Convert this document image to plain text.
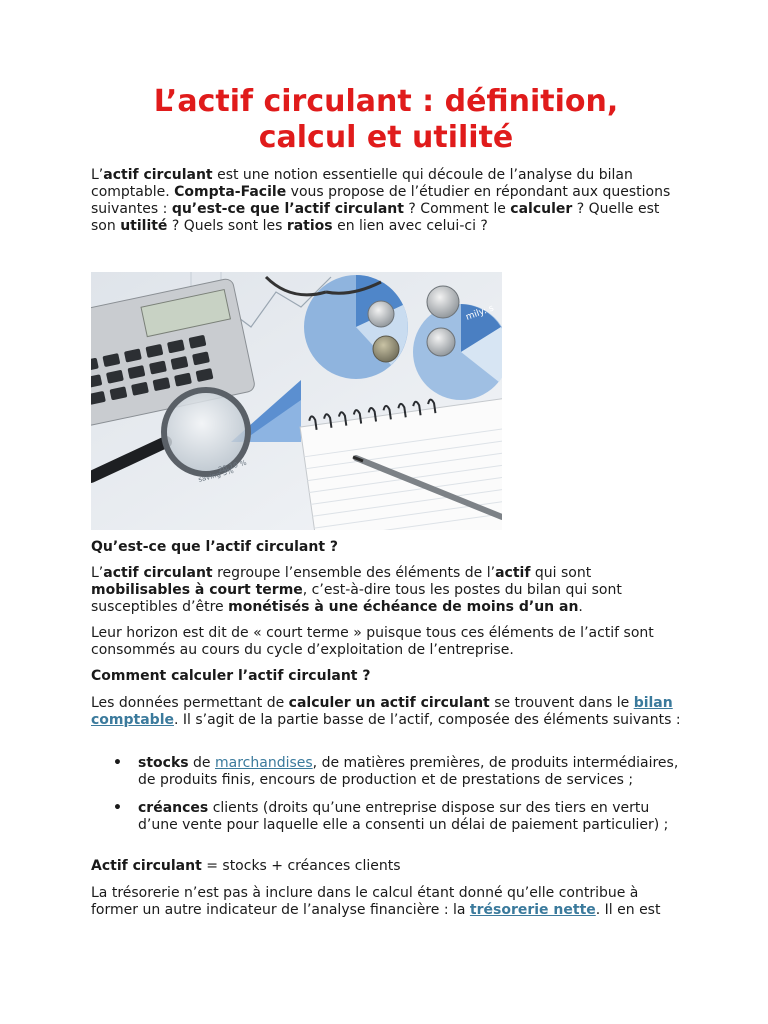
L’actif circulant : définition,
calcul et utilité

L’actif circulant est une notion essentielle qui découle de l’analyse du bilan comptable. Compta-Facile vous propose de l’étudier en répondant aux questions suivantes : qu’est-ce que l’actif circulant ? Comment le calculer ? Quelle est son utilité ? Quels sont les ratios en lien avec celui-ci ?

mily: s
20.10 %
saving 3%

Qu’est-ce que l’actif circulant ?

L’actif circulant regroupe l’ensemble des éléments de l’actif qui sont mobilisables à court terme, c’est-à-dire tous les postes du bilan qui sont susceptibles d’être monétisés à une échéance de moins d’un an.

Leur horizon est dit de « court terme » puisque tous ces éléments de l’actif sont consommés au cours du cycle d’exploitation de l’entreprise.

Comment calculer l’actif circulant ?

Les données permettant de calculer un actif circulant se trouvent dans le bilan comptable. Il s’agit de la partie basse de l’actif, composée des éléments suivants :

• stocks de marchandises, de matières premières, de produits intermédiaires, de produits finis, encours de production et de prestations de services ;
• créances clients (droits qu’une entreprise dispose sur des tiers en vertu d’une vente pour laquelle elle a consenti un délai de paiement particulier) ;

Actif circulant = stocks + créances clients

La trésorerie n’est pas à inclure dans le calcul étant donné qu’elle contribue à former un autre indicateur de l’analyse financière : la trésorerie nette. Il en est
